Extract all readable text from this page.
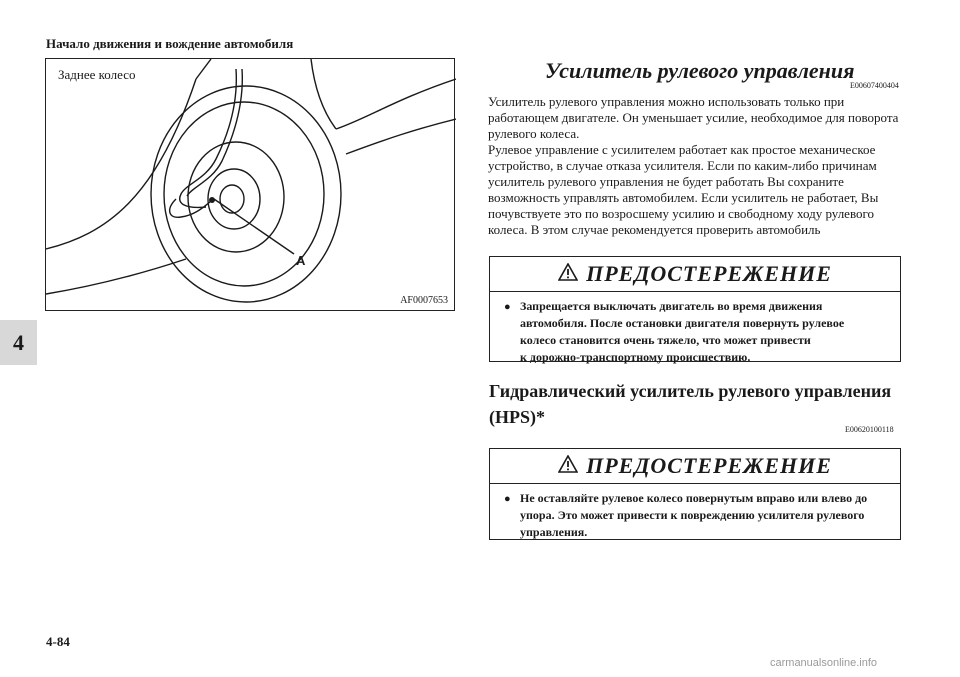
Начало движения и вождение автомобиля
Заднее колесо
A
AF0007653
4
Усилитель рулевого управления
E00607400404

Усилитель рулевого управления можно использовать только при работающем двигателе. Он уменьшает усилие, необходимое для поворота рулевого колеса.

Рулевое управление с усилителем работает как простое механическое устройство, в случае отказа усилителя. Если по каким-либо причинам усилитель рулевого управления не будет работать Вы сохраните возможность управлять автомобилем. Если усилитель не работает, Вы почувствуете это по возросшему усилию и свободному ходу рулевого колеса. В этом случае рекомендуется проверить автомобиль

ПРЕДОСТЕРЕЖЕНИЕ
● Запрещается выключать двигатель во время движения
автомобиля. После остановки двигателя повернуть рулевое
колесо становится очень тяжело, что может привести
к дорожно-транспортному происшествию.
Гидравлический усилитель рулевого управления
(HPS)*
E00620100118
ПРЕДОСТЕРЕЖЕНИЕ
● Не оставляйте рулевое колесо повернутым вправо или влево до
упора. Это может привести к повреждению усилителя рулевого
управления.
4-84
carmanualsonline.info
